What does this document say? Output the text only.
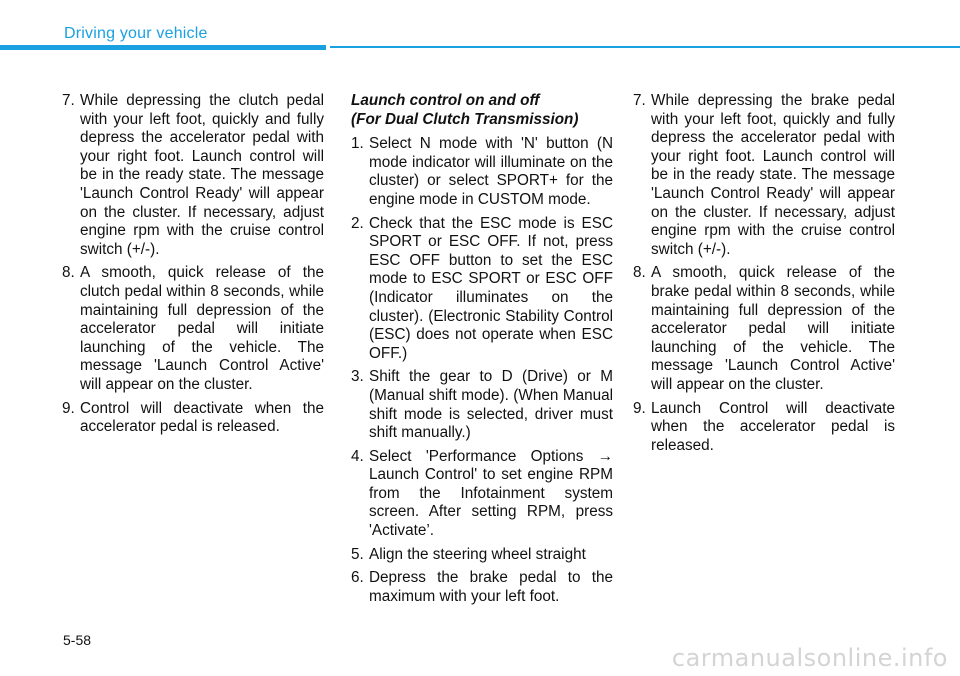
Driving your vehicle
7. While depressing the clutch pedal with your left foot, quickly and fully depress the accelerator pedal with your right foot. Launch control will be in the ready state. The message 'Launch Control Ready' will appear on the cluster. If necessary, adjust engine rpm with the cruise control switch (+/-).
8. A smooth, quick release of the clutch pedal within 8 seconds, while maintaining full depression of the accelerator pedal will initiate launching of the vehicle. The message 'Launch Control Active' will appear on the cluster.
9. Control will deactivate when the accelerator pedal is released.
Launch control on and off
(For Dual Clutch Transmission)
1. Select N mode with 'N' button (N mode indicator will illuminate on the cluster) or select SPORT+ for the engine mode in CUSTOM mode.
2. Check that the ESC mode is ESC SPORT or ESC OFF. If not, press ESC OFF button to set the ESC mode to ESC SPORT or ESC OFF (Indicator illuminates on the cluster). (Electronic Stability Control (ESC) does not operate when ESC OFF.)
3. Shift the gear to D (Drive) or M (Manual shift mode). (When Manual shift mode is selected, driver must shift manually.)
4. Select 'Performance Options → Launch Control' to set engine RPM from the Infotainment system screen. After setting RPM, press 'Activate’.
5. Align the steering wheel straight
6. Depress the brake pedal to the maximum with your left foot.
7. While depressing the brake pedal with your left foot, quickly and fully depress the accelerator pedal with your right foot. Launch control will be in the ready state. The message 'Launch Control Ready' will appear on the cluster. If necessary, adjust engine rpm with the cruise control switch (+/-).
8. A smooth, quick release of the brake pedal within 8 seconds, while maintaining full depression of the accelerator pedal will initiate launching of the vehicle. The message 'Launch Control Active' will appear on the cluster.
9. Launch Control will deactivate when the accelerator pedal is released.

5-58

carmanualsonline.info
